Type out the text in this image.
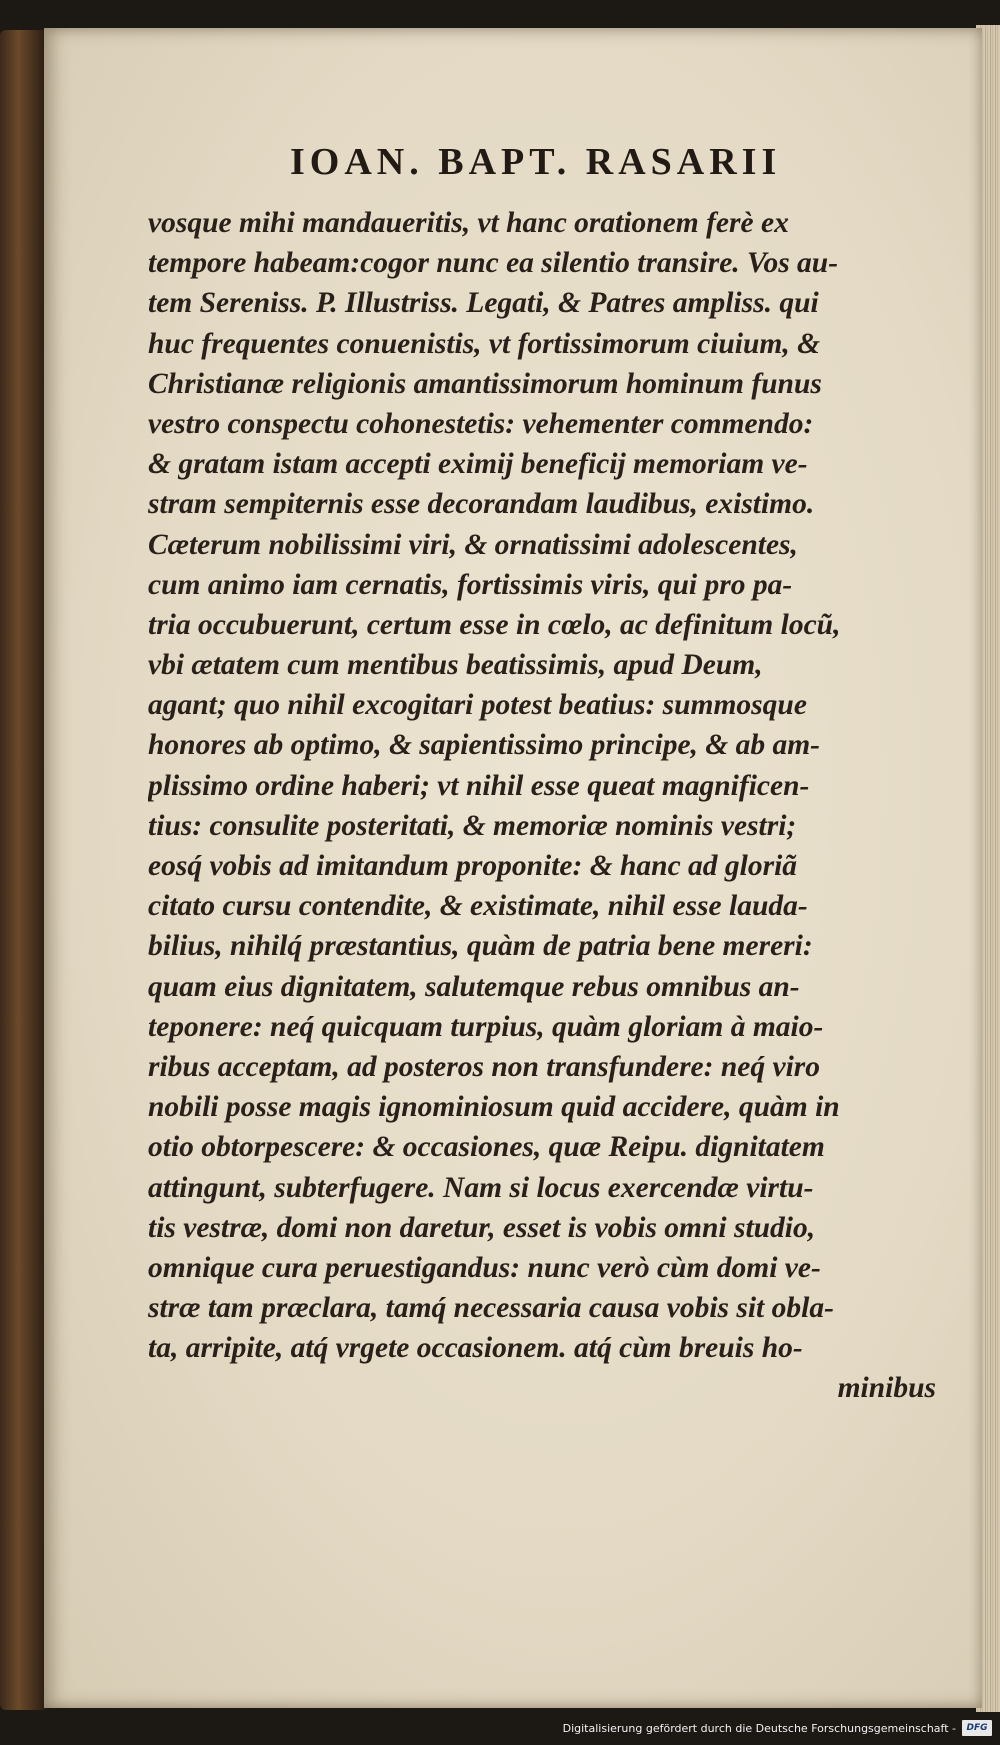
IOAN. BAPT. RASARII
vosque mihi mandaueritis, vt hanc orationem ferè ex
tempore habeam:cogor nunc ea silentio transire. Vos au-
tem Sereniss. P. Illustriss. Legati, & Patres ampliss. qui
huc frequentes conuenistis, vt fortissimorum ciuium, &
Christianæ religionis amantissimorum hominum funus
vestro conspectu cohonestetis: vehementer commendo:
& gratam istam accepti eximij beneficij memoriam ve-
stram sempiternis esse decorandam laudibus, existimo.
Cæterum nobilissimi viri, & ornatissimi adolescentes,
cum animo iam cernatis, fortissimis viris, qui pro pa-
tria occubuerunt, certum esse in cœlo, ac definitum locũ,
vbi ætatem cum mentibus beatissimis, apud Deum,
agant; quo nihil excogitari potest beatius: summosque
honores ab optimo, & sapientissimo principe, & ab am-
plissimo ordine haberi; vt nihil esse queat magnificen-
tius: consulite posteritati, & memoriæ nominis vestri;
eosq́ vobis ad imitandum proponite: & hanc ad gloriã
citato cursu contendite, & existimate, nihil esse lauda-
bilius, nihilq́ præstantius, quàm de patria bene mereri:
quam eius dignitatem, salutemque rebus omnibus an-
teponere: neq́ quicquam turpius, quàm gloriam à maio-
ribus acceptam, ad posteros non transfundere: neq́ viro
nobili posse magis ignominiosum quid accidere, quàm in
otio obtorpescere: & occasiones, quæ Reipu. dignitatem
attingunt, subterfugere. Nam si locus exercendæ virtu-
tis vestræ, domi non daretur, esset is vobis omni studio,
omnique cura peruestigandus: nunc verò cùm domi ve-
stræ tam præclara, tamq́ necessaria causa vobis sit obla-
ta, arripite, atq́ vrgete occasionem. atq́ cùm breuis ho-
minibus
Digitalisierung gefördert durch die Deutsche Forschungsgemeinschaft -	DFG
